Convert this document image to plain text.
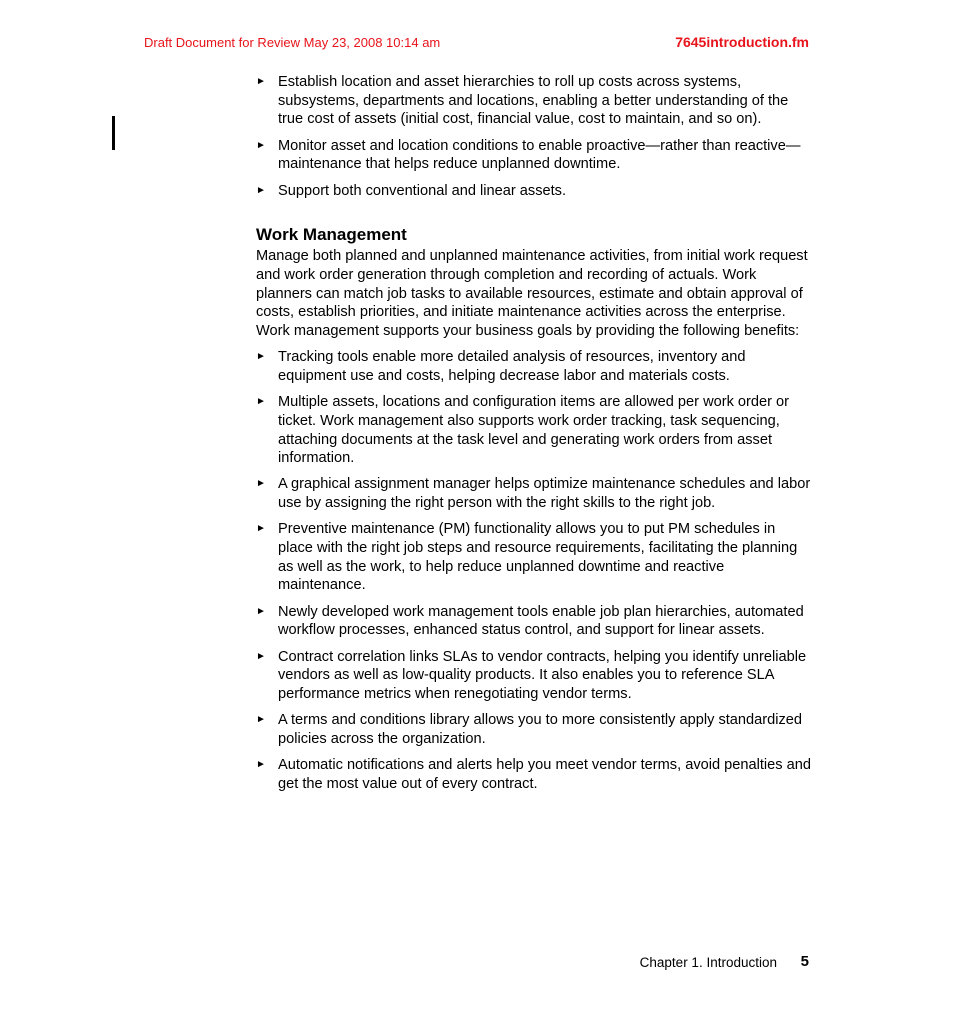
Draft Document for Review May 23, 2008 10:14 am	7645introduction.fm
► Establish location and asset hierarchies to roll up costs across systems, subsystems, departments and locations, enabling a better understanding of the true cost of assets (initial cost, financial value, cost to maintain, and so on).
► Monitor asset and location conditions to enable proactive—rather than reactive—maintenance that helps reduce unplanned downtime.
► Support both conventional and linear assets.
Work Management

Manage both planned and unplanned maintenance activities, from initial work request and work order generation through completion and recording of actuals. Work planners can match job tasks to available resources, estimate and obtain approval of costs, establish priorities, and initiate maintenance activities across the enterprise. Work management supports your business goals by providing the following benefits:

► Tracking tools enable more detailed analysis of resources, inventory and equipment use and costs, helping decrease labor and materials costs.
► Multiple assets, locations and configuration items are allowed per work order or ticket. Work management also supports work order tracking, task sequencing, attaching documents at the task level and generating work orders from asset information.
► A graphical assignment manager helps optimize maintenance schedules and labor use by assigning the right person with the right skills to the right job.
► Preventive maintenance (PM) functionality allows you to put PM schedules in place with the right job steps and resource requirements, facilitating the planning as well as the work, to help reduce unplanned downtime and reactive maintenance.
► Newly developed work management tools enable job plan hierarchies, automated workflow processes, enhanced status control, and support for linear assets.
► Contract correlation links SLAs to vendor contracts, helping you identify unreliable vendors as well as low-quality products. It also enables you to reference SLA performance metrics when renegotiating vendor terms.
► A terms and conditions library allows you to more consistently apply standardized policies across the organization.
► Automatic notifications and alerts help you meet vendor terms, avoid penalties and get the most value out of every contract.
Chapter 1. Introduction 5
